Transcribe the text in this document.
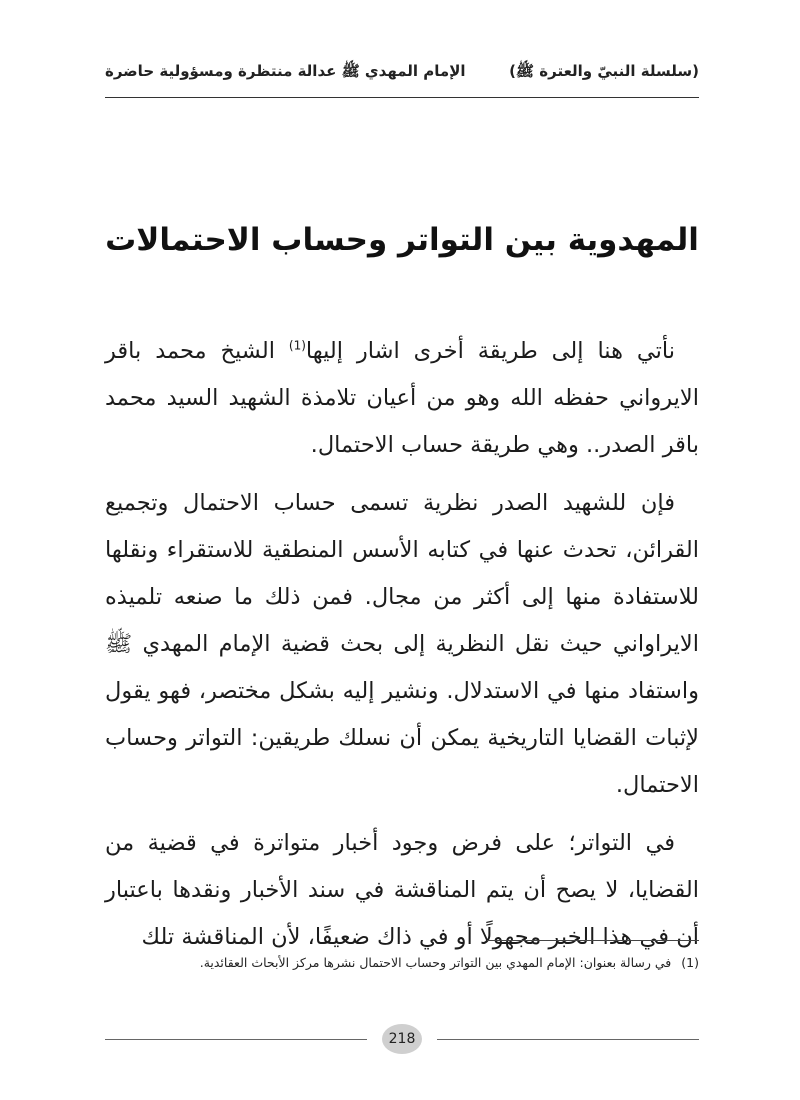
(سلسلة النبيّ والعترة ﷺ)
الإمام المهدي ﷺ عدالة منتظرة ومسؤولية حاضرة
المهدوية بين التواتر وحساب الاحتمالات

نأتي هنا إلى طريقة أخرى اشار إليها$^{(1)}$ الشيخ محمد باقر الايرواني حفظه الله وهو من أعيان تلامذة الشهيد السيد محمد باقر الصدر.. وهي طريقة حساب الاحتمال.

فإن للشهيد الصدر نظرية تسمى حساب الاحتمال وتجميع القرائن، تحدث عنها في كتابه الأسس المنطقية للاستقراء ونقلها للاستفادة منها إلى أكثر من مجال. فمن ذلك ما صنعه تلميذه الايراواني حيث نقل النظرية إلى بحث قضية الإمام المهدي ﷺ واستفاد منها في الاستدلال. ونشير إليه بشكل مختصر، فهو يقول لإثبات القضايا التاريخية يمكن أن نسلك طريقين: التواتر وحساب الاحتمال.

في التواتر؛ على فرض وجود أخبار متواترة في قضية من القضايا، لا يصح أن يتم المناقشة في سند الأخبار ونقدها باعتبار أن في هذا الخبر مجهولًا أو في ذاك ضعيفًا، لأن المناقشة تلك

(1)في رسالة بعنوان: الإمام المهدي بين التواتر وحساب الاحتمال نشرها مركز الأبحاث العقائدية.
218
